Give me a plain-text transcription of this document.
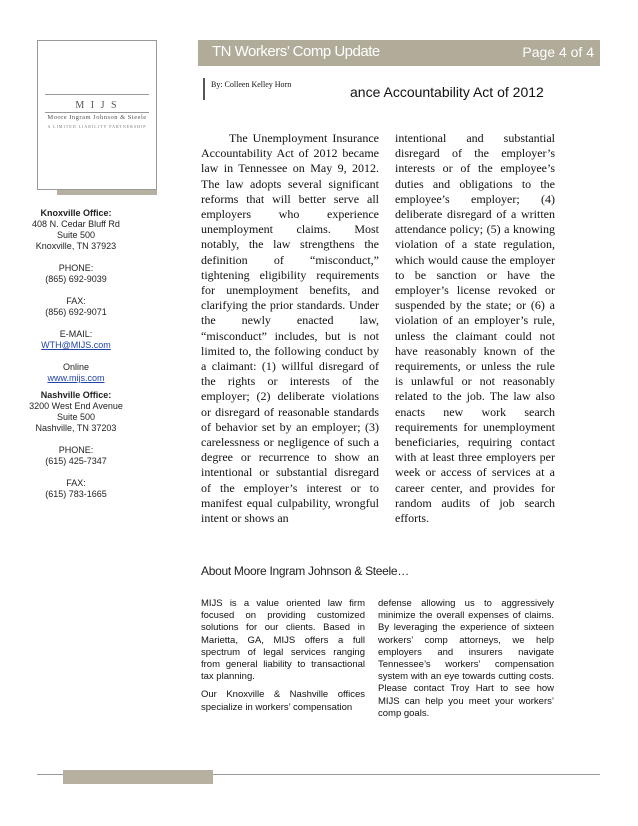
M I J S
Moore Ingram Johnson & Steele
A LIMITED LIABILITY PARTNERSHIP
Knoxville Office:
408 N. Cedar Bluff Rd
Suite 500
Knoxville, TN 37923
PHONE:
(865) 692-9039
FAX:
(856) 692-9071
E-MAIL:
WTH@MIJS.com
Online
www.mijs.com
Nashville Office:
3200 West End Avenue
Suite 500
Nashville, TN 37203
PHONE:
(615) 425-7347
FAX:
(615) 783-1665
TN Workers’ Comp Update	Page 4 of 4
ance Accountability Act of 2012
By: Colleen Kelley Horn

The Unemployment Insurance Accountability Act of 2012 became law in Tennessee on May 9, 2012. The law adopts several significant reforms that will better serve all employers who experience unemployment claims. Most notably, the law strengthens the definition of “misconduct,” tightening eligibility requirements for unemployment benefits, and clarifying the prior standards. Under the newly enacted law, “misconduct” includes, but is not limited to, the following conduct by a claimant: (1) willful disregard of the rights or interests of the employer; (2) deliberate violations or disregard of reasonable standards of behavior set by an employer; (3) carelessness or negligence of such a degree or recurrence to show an intentional or substantial disregard of the employer’s interest or to manifest equal culpability, wrongful intent or shows an

intentional and substantial disregard of the employer’s interests or of the employee’s duties and obligations to the employee’s employer; (4) deliberate disregard of a written attendance policy; (5) a knowing violation of a state regulation, which would cause the employer to be sanction or have the employer’s license revoked or suspended by the state; or (6) a violation of an employer’s rule, unless the claimant could not have reasonably known of the requirements, or unless the rule is unlawful or not reasonably related to the job. The law also enacts new work search requirements for unemployment beneficiaries, requiring contact with at least three employers per week or access of services at a career center, and provides for random audits of job search efforts.

About Moore Ingram Johnson & Steele…

MIJS is a value oriented law firm focused on providing customized solutions for our clients. Based in Marietta, GA, MIJS offers a full spectrum of legal services ranging from general liability to transactional tax planning.

Our Knoxville & Nashville offices specialize in workers’ compensation

defense allowing us to aggressively minimize the overall expenses of claims. By leveraging the experience of sixteen workers’ comp attorneys, we help employers and insurers navigate Tennessee’s workers’ compensation system with an eye towards cutting costs. Please contact Troy Hart to see how MIJS can help you meet your workers’ comp goals.
